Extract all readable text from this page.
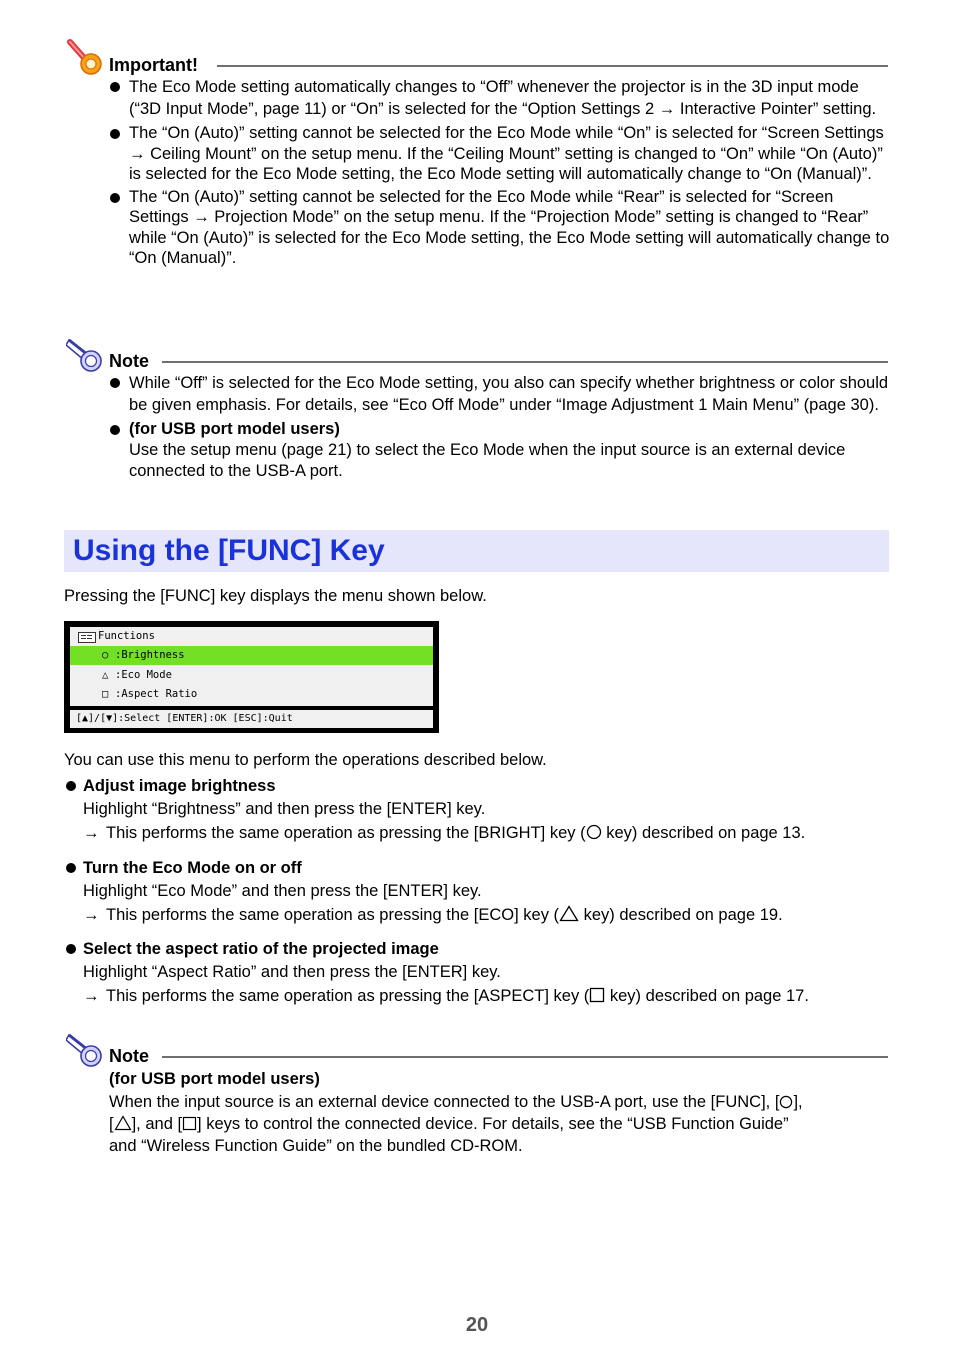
Important!
The Eco Mode setting automatically changes to “Off” whenever the projector is in the 3D input mode (“3D Input Mode”, page 11) or “On” is selected for the “Option Settings 2 → Interactive Pointer” setting.
The “On (Auto)” setting cannot be selected for the Eco Mode while “On” is selected for “Screen Settings → Ceiling Mount” on the setup menu. If the “Ceiling Mount” setting is changed to “On” while “On (Auto)” is selected for the Eco Mode setting, the Eco Mode setting will automatically change to “On (Manual)”.
The “On (Auto)” setting cannot be selected for the Eco Mode while “Rear” is selected for “Screen Settings → Projection Mode” on the setup menu. If the “Projection Mode” setting is changed to “Rear” while “On (Auto)” is selected for the Eco Mode setting, the Eco Mode setting will automatically change to “On (Manual)”.
Note
While “Off” is selected for the Eco Mode setting, you also can specify whether brightness or color should be given emphasis. For details, see “Eco Off Mode” under “Image Adjustment 1 Main Menu” (page 30).
(for USB port model users)
Use the setup menu (page 21) to select the Eco Mode when the input source is an external device connected to the USB-A port.
Using the [FUNC] Key
Pressing the [FUNC] key displays the menu shown below.
Functions
○ :Brightness
△ :Eco Mode
□ :Aspect Ratio
[▲]/[▼]:Select [ENTER]:OK [ESC]:Quit
You can use this menu to perform the operations described below.
Adjust image brightness
Highlight “Brightness” and then press the [ENTER] key.
→ This performs the same operation as pressing the [BRIGHT] key ( key) described on page 13.
Turn the Eco Mode on or off
Highlight “Eco Mode” and then press the [ENTER] key.
→ This performs the same operation as pressing the [ECO] key ( key) described on page 19.
Select the aspect ratio of the projected image
Highlight “Aspect Ratio” and then press the [ENTER] key.
→ This performs the same operation as pressing the [ASPECT] key ( key) described on page 17.
Note
(for USB port model users)
When the input source is an external device connected to the USB-A port, use the [FUNC], [ ],
[ ], and [ ] keys to control the connected device. For details, see the “USB Function Guide”
and “Wireless Function Guide” on the bundled CD-ROM.
20
